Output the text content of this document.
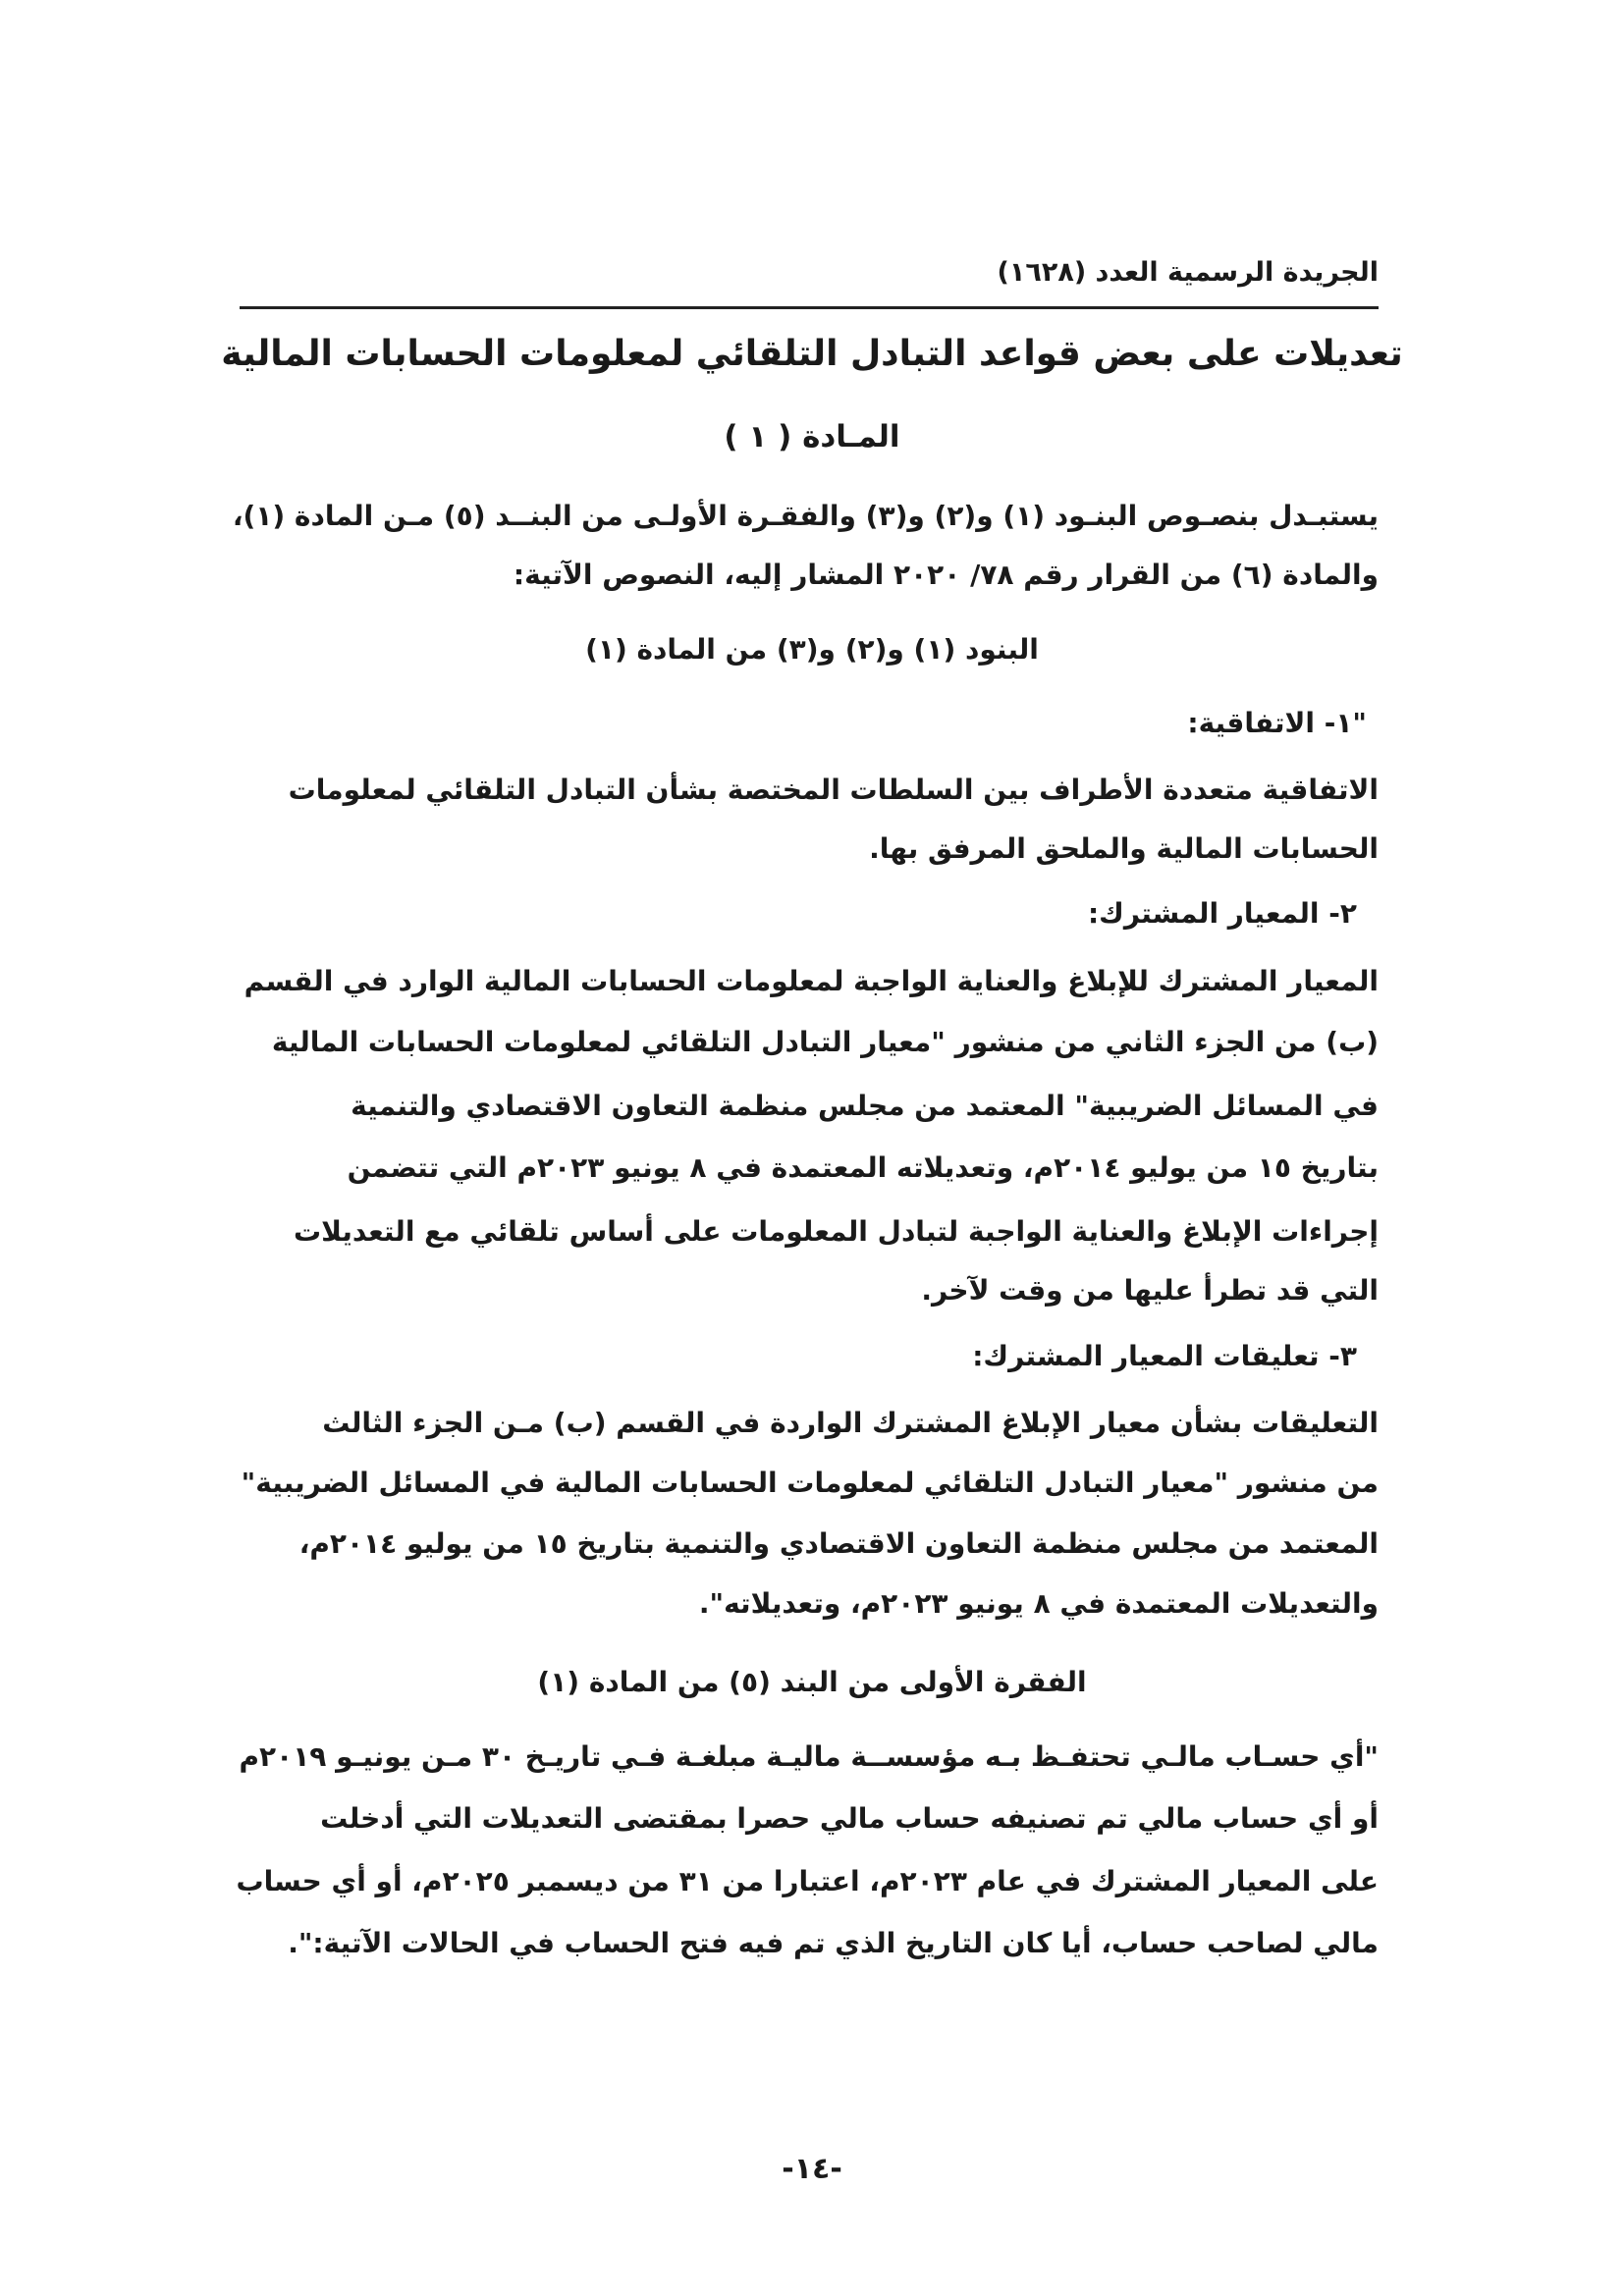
الجريدة الرسمية العدد (١٦٢٨)
تعديلات على بعض قواعد التبادل التلقائي لمعلومات الحسابات المالية
المـادة ( ١ )
يستبـدل بنصـوص البنـود (١) و(٢) و(٣) والفقـرة الأولـى من البنــد (٥) مـن المادة (١)،
والمادة (٦) من القرار رقم ٧٨/ ٢٠٢٠ المشار إليه، النصوص الآتية:
البنود (١) و(٢) و(٣) من المادة (١)
"١- الاتفاقية:
الاتفاقية متعددة الأطراف بين السلطات المختصة بشأن التبادل التلقائي لمعلومات
الحسابات المالية والملحق المرفق بها.
٢- المعيار المشترك:
المعيار المشترك للإبلاغ والعناية الواجبة لمعلومات الحسابات المالية الوارد في القسم
(ب) من الجزء الثاني من منشور "معيار التبادل التلقائي لمعلومات الحسابات المالية
في المسائل الضريبية" المعتمد من مجلس منظمة التعاون الاقتصادي والتنمية
بتاريخ ١٥ من يوليو ٢٠١٤م، وتعديلاته المعتمدة في ٨ يونيو ٢٠٢٣م التي تتضمن
إجراءات الإبلاغ والعناية الواجبة لتبادل المعلومات على أساس تلقائي مع التعديلات
التي قد تطرأ عليها من وقت لآخر.
٣- تعليقات المعيار المشترك:
التعليقات بشأن معيار الإبلاغ المشترك الواردة في القسم (ب) مـن الجزء الثالث
من منشور "معيار التبادل التلقائي لمعلومات الحسابات المالية في المسائل الضريبية"
المعتمد من مجلس منظمة التعاون الاقتصادي والتنمية بتاريخ ١٥ من يوليو ٢٠١٤م،
والتعديلات المعتمدة في ٨ يونيو ٢٠٢٣م، وتعديلاته".
الفقرة الأولى من البند (٥) من المادة (١)
"أي حسـاب مالـي تحتفـظ بـه مؤسســة ماليـة مبلغـة فـي تاريـخ ٣٠ مـن يونيـو ٢٠١٩م
أو أي حساب مالي تم تصنيفه حساب مالي حصرا بمقتضى التعديلات التي أدخلت
على المعيار المشترك في عام ٢٠٢٣م، اعتبارا من ٣١ من ديسمبر ٢٠٢٥م، أو أي حساب
مالي لصاحب حساب، أيا كان التاريخ الذي تم فيه فتح الحساب في الحالات الآتية:".
-١٤-
